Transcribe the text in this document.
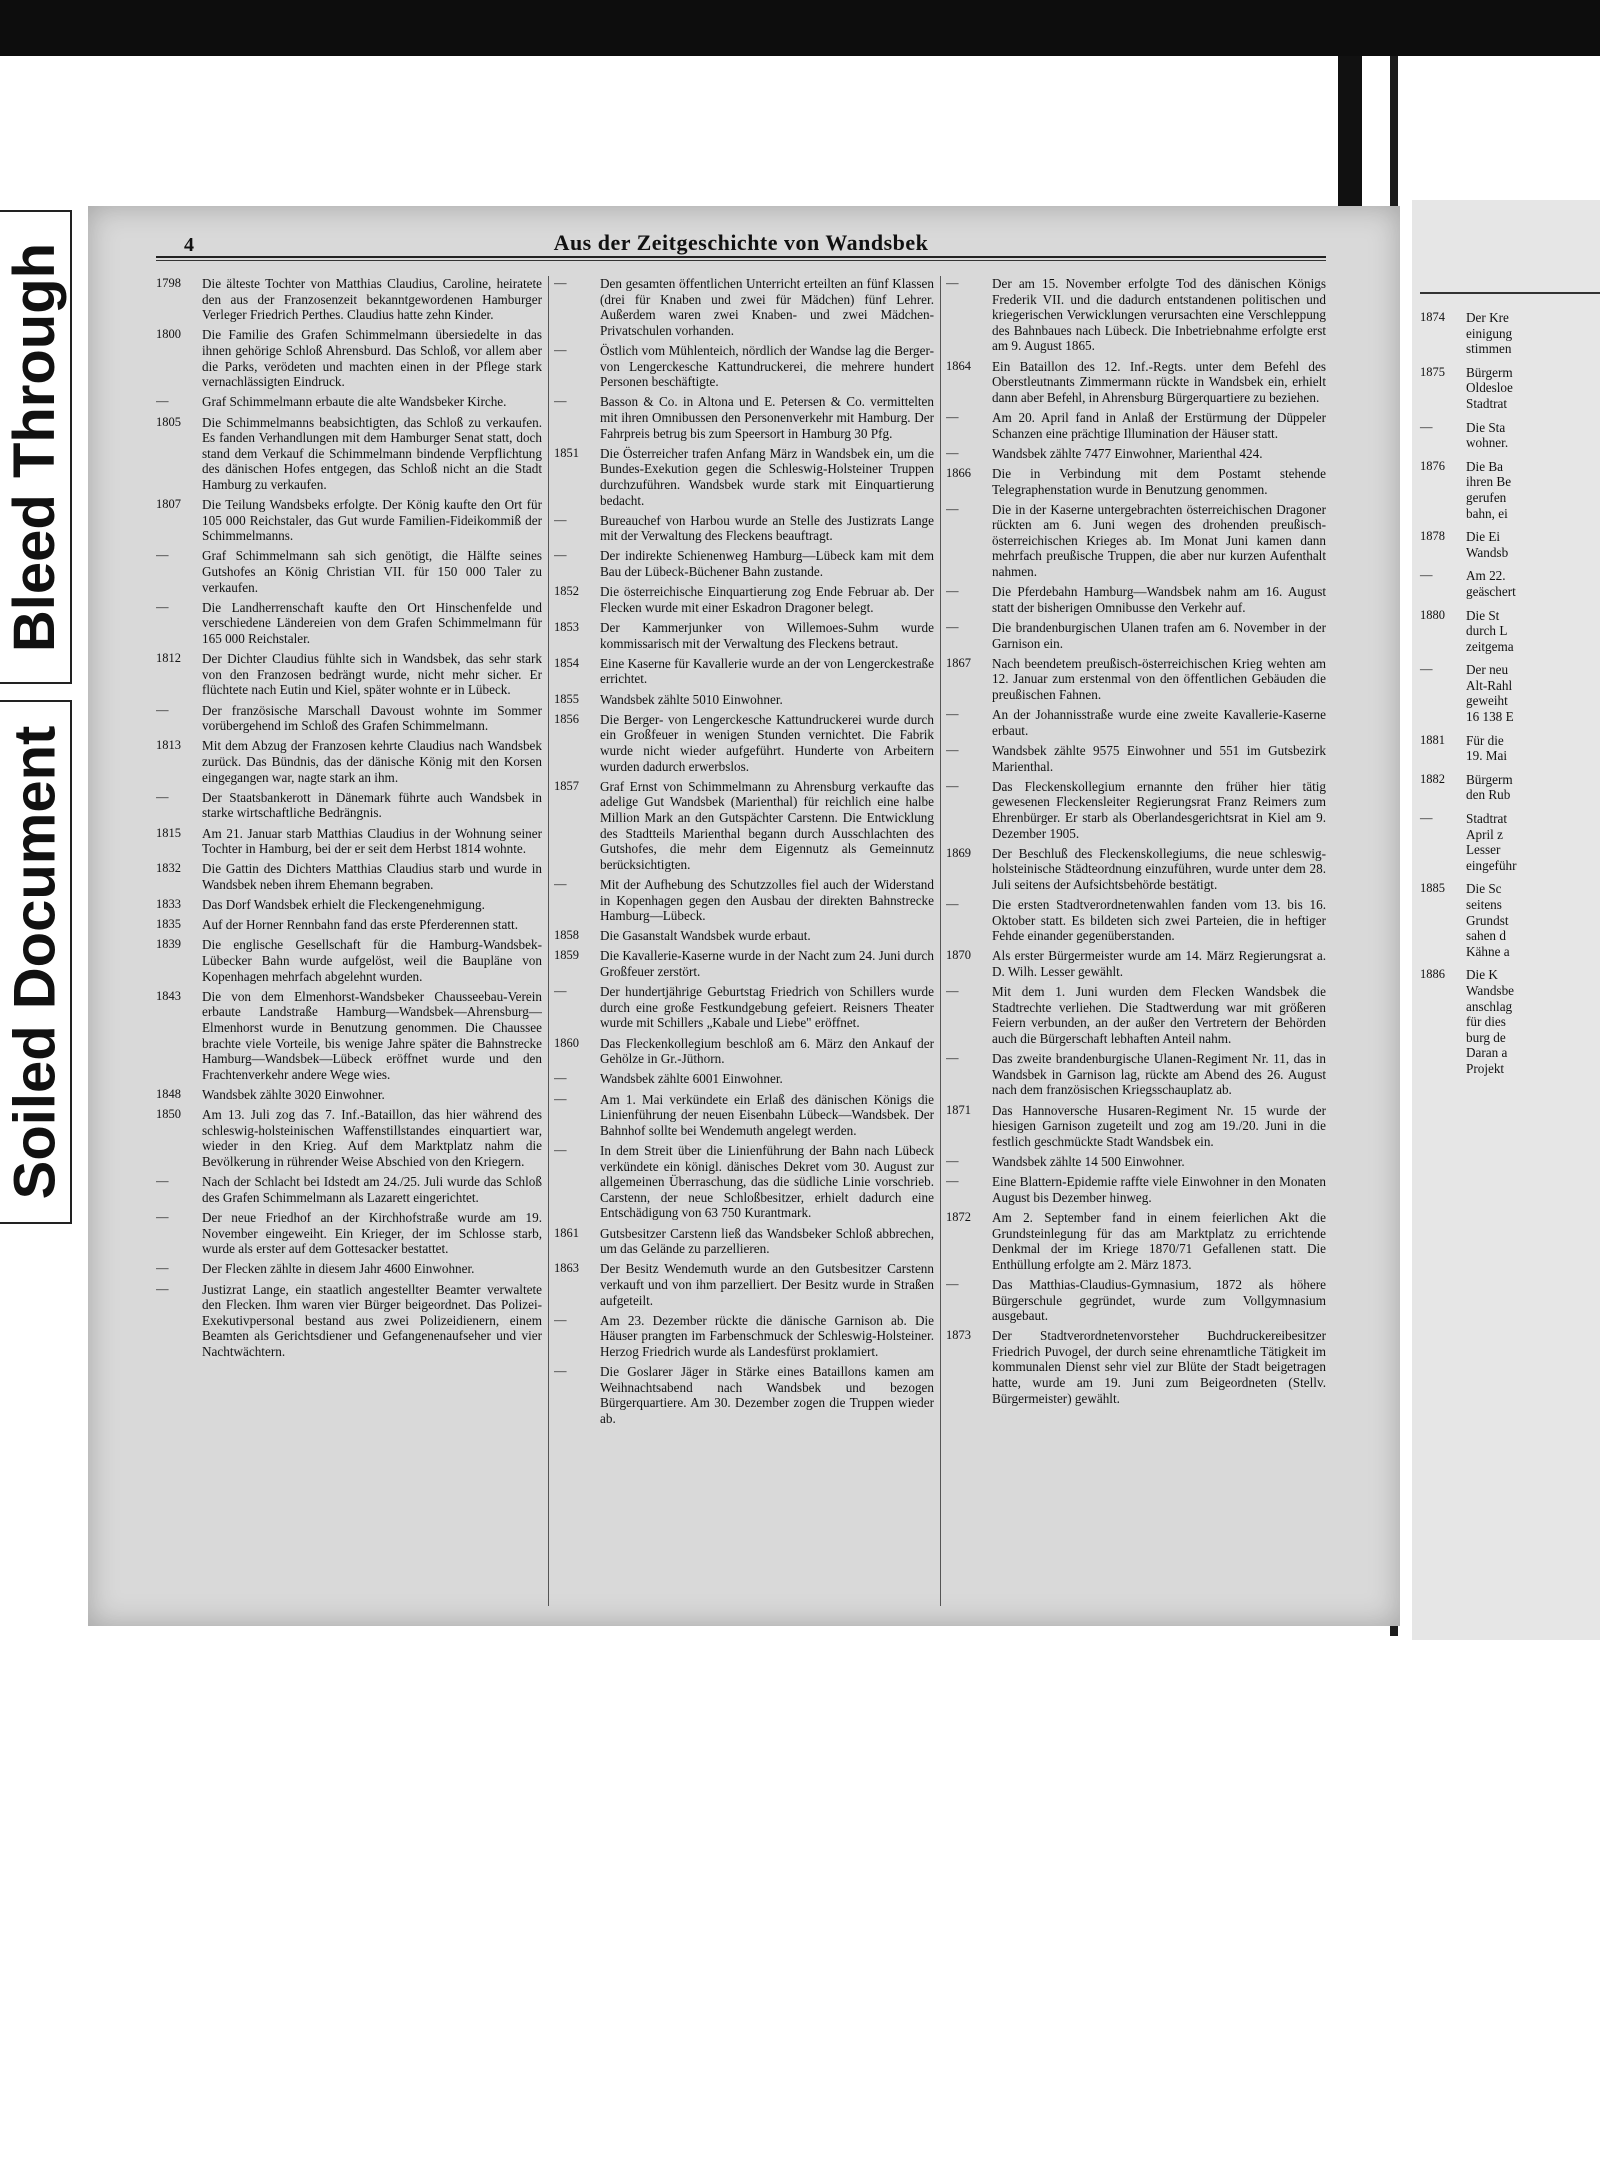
Bleed Through
Soiled Document
4	Aus der Zeitgeschichte von Wandsbek
1798	Die älteste Tochter von Matthias Claudius, Caroline, heiratete den aus der Franzosenzeit bekanntgewordenen Hamburger Verleger Friedrich Perthes. Claudius hatte zehn Kinder.
1800	Die Familie des Grafen Schimmelmann übersiedelte in das ihnen gehörige Schloß Ahrensburd. Das Schloß, vor allem aber die Parks, verödeten und machten einen in der Pflege stark vernachlässigten Eindruck.
—	Graf Schimmelmann erbaute die alte Wandsbeker Kirche.
1805	Die Schimmelmanns beabsichtigten, das Schloß zu verkaufen. Es fanden Verhandlungen mit dem Hamburger Senat statt, doch stand dem Verkauf die Schimmelmann bindende Verpflichtung des dänischen Hofes entgegen, das Schloß nicht an die Stadt Hamburg zu verkaufen.
1807	Die Teilung Wandsbeks erfolgte. Der König kaufte den Ort für 105 000 Reichstaler, das Gut wurde Familien-Fideikommiß der Schimmelmanns.
—	Graf Schimmelmann sah sich genötigt, die Hälfte seines Gutshofes an König Christian VII. für 150 000 Taler zu verkaufen.
—	Die Landherrenschaft kaufte den Ort Hinschenfelde und verschiedene Ländereien von dem Grafen Schimmelmann für 165 000 Reichstaler.
1812	Der Dichter Claudius fühlte sich in Wandsbek, das sehr stark von den Franzosen bedrängt wurde, nicht mehr sicher. Er flüchtete nach Eutin und Kiel, später wohnte er in Lübeck.
—	Der französische Marschall Davoust wohnte im Sommer vorübergehend im Schloß des Grafen Schimmelmann.
1813	Mit dem Abzug der Franzosen kehrte Claudius nach Wandsbek zurück. Das Bündnis, das der dänische König mit den Korsen eingegangen war, nagte stark an ihm.
—	Der Staatsbankerott in Dänemark führte auch Wandsbek in starke wirtschaftliche Bedrängnis.
1815	Am 21. Januar starb Matthias Claudius in der Wohnung seiner Tochter in Hamburg, bei der er seit dem Herbst 1814 wohnte.
1832	Die Gattin des Dichters Matthias Claudius starb und wurde in Wandsbek neben ihrem Ehemann begraben.
1833	Das Dorf Wandsbek erhielt die Fleckengenehmigung.
1835	Auf der Horner Rennbahn fand das erste Pferderennen statt.
1839	Die englische Gesellschaft für die Hamburg-Wandsbek-Lübecker Bahn wurde aufgelöst, weil die Baupläne von Kopenhagen mehrfach abgelehnt wurden.
1843	Die von dem Elmenhorst-Wandsbeker Chausseebau-Verein erbaute Landstraße Hamburg—Wandsbek—Ahrensburg—Elmenhorst wurde in Benutzung genommen. Die Chaussee brachte viele Vorteile, bis wenige Jahre später die Bahnstrecke Hamburg—Wandsbek—Lübeck eröffnet wurde und den Frachtenverkehr andere Wege wies.
1848	Wandsbek zählte 3020 Einwohner.
1850	Am 13. Juli zog das 7. Inf.-Bataillon, das hier während des schleswig-holsteinischen Waffenstillstandes einquartiert war, wieder in den Krieg. Auf dem Marktplatz nahm die Bevölkerung in rührender Weise Abschied von den Kriegern.
—	Nach der Schlacht bei Idstedt am 24./25. Juli wurde das Schloß des Grafen Schimmelmann als Lazarett eingerichtet.
—	Der neue Friedhof an der Kirchhofstraße wurde am 19. November eingeweiht. Ein Krieger, der im Schlosse starb, wurde als erster auf dem Gottesacker bestattet.
—	Der Flecken zählte in diesem Jahr 4600 Einwohner.
—	Justizrat Lange, ein staatlich angestellter Beamter verwaltete den Flecken. Ihm waren vier Bürger beigeordnet. Das Polizei-Exekutivpersonal bestand aus zwei Polizeidienern, einem Beamten als Gerichtsdiener und Gefangenenaufseher und vier Nachtwächtern.
—	Den gesamten öffentlichen Unterricht erteilten an fünf Klassen (drei für Knaben und zwei für Mädchen) fünf Lehrer. Außerdem waren zwei Knaben- und zwei Mädchen-Privatschulen vorhanden.
—	Östlich vom Mühlenteich, nördlich der Wandse lag die Berger- von Lengerckesche Kattundruckerei, die mehrere hundert Personen beschäftigte.
—	Basson & Co. in Altona und E. Petersen & Co. vermittelten mit ihren Omnibussen den Personenverkehr mit Hamburg. Der Fahrpreis betrug bis zum Speersort in Hamburg 30 Pfg.
1851	Die Österreicher trafen Anfang März in Wandsbek ein, um die Bundes-Exekution gegen die Schleswig-Holsteiner Truppen durchzuführen. Wandsbek wurde stark mit Einquartierung bedacht.
—	Bureauchef von Harbou wurde an Stelle des Justizrats Lange mit der Verwaltung des Fleckens beauftragt.
—	Der indirekte Schienenweg Hamburg—Lübeck kam mit dem Bau der Lübeck-Büchener Bahn zustande.
1852	Die österreichische Einquartierung zog Ende Februar ab. Der Flecken wurde mit einer Eskadron Dragoner belegt.
1853	Der Kammerjunker von Willemoes-Suhm wurde kommissarisch mit der Verwaltung des Fleckens betraut.
1854	Eine Kaserne für Kavallerie wurde an der von Lengerckestraße errichtet.
1855	Wandsbek zählte 5010 Einwohner.
1856	Die Berger- von Lengerckesche Kattundruckerei wurde durch ein Großfeuer in wenigen Stunden vernichtet. Die Fabrik wurde nicht wieder aufgeführt. Hunderte von Arbeitern wurden dadurch erwerbslos.
1857	Graf Ernst von Schimmelmann zu Ahrensburg verkaufte das adelige Gut Wandsbek (Marienthal) für reichlich eine halbe Million Mark an den Gutspächter Carstenn. Die Entwicklung des Stadtteils Marienthal begann durch Ausschlachten des Gutshofes, die mehr dem Eigennutz als Gemeinnutz berücksichtigten.
—	Mit der Aufhebung des Schutzzolles fiel auch der Widerstand in Kopenhagen gegen den Ausbau der direkten Bahnstrecke Hamburg—Lübeck.
1858	Die Gasanstalt Wandsbek wurde erbaut.
1859	Die Kavallerie-Kaserne wurde in der Nacht zum 24. Juni durch Großfeuer zerstört.
—	Der hundertjährige Geburtstag Friedrich von Schillers wurde durch eine große Festkundgebung gefeiert. Reisners Theater wurde mit Schillers „Kabale und Liebe" eröffnet.
1860	Das Fleckenkollegium beschloß am 6. März den Ankauf der Gehölze in Gr.-Jüthorn.
—	Wandsbek zählte 6001 Einwohner.
—	Am 1. Mai verkündete ein Erlaß des dänischen Königs die Linienführung der neuen Eisenbahn Lübeck—Wandsbek. Der Bahnhof sollte bei Wendemuth angelegt werden.
—	In dem Streit über die Linienführung der Bahn nach Lübeck verkündete ein königl. dänisches Dekret vom 30. August zur allgemeinen Überraschung, das die südliche Linie vorschrieb. Carstenn, der neue Schloßbesitzer, erhielt dadurch eine Entschädigung von 63 750 Kurantmark.
1861	Gutsbesitzer Carstenn ließ das Wandsbeker Schloß abbrechen, um das Gelände zu parzellieren.
1863	Der Besitz Wendemuth wurde an den Gutsbesitzer Carstenn verkauft und von ihm parzelliert. Der Besitz wurde in Straßen aufgeteilt.
—	Am 23. Dezember rückte die dänische Garnison ab. Die Häuser prangten im Farbenschmuck der Schleswig-Holsteiner. Herzog Friedrich wurde als Landesfürst proklamiert.
—	Die Goslarer Jäger in Stärke eines Bataillons kamen am Weihnachtsabend nach Wandsbek und bezogen Bürgerquartiere. Am 30. Dezember zogen die Truppen wieder ab.
—	Der am 15. November erfolgte Tod des dänischen Königs Frederik VII. und die dadurch entstandenen politischen und kriegerischen Verwicklungen verursachten eine Verschleppung des Bahnbaues nach Lübeck. Die Inbetriebnahme erfolgte erst am 9. August 1865.
1864	Ein Bataillon des 12. Inf.-Regts. unter dem Befehl des Oberstleutnants Zimmermann rückte in Wandsbek ein, erhielt dann aber Befehl, in Ahrensburg Bürgerquartiere zu beziehen.
—	Am 20. April fand in Anlaß der Erstürmung der Düppeler Schanzen eine prächtige Illumination der Häuser statt.
—	Wandsbek zählte 7477 Einwohner, Marienthal 424.
1866	Die in Verbindung mit dem Postamt stehende Telegraphenstation wurde in Benutzung genommen.
—	Die in der Kaserne untergebrachten österreichischen Dragoner rückten am 6. Juni wegen des drohenden preußisch-österreichischen Krieges ab. Im Monat Juni kamen dann mehrfach preußische Truppen, die aber nur kurzen Aufenthalt nahmen.
—	Die Pferdebahn Hamburg—Wandsbek nahm am 16. August statt der bisherigen Omnibusse den Verkehr auf.
—	Die brandenburgischen Ulanen trafen am 6. November in der Garnison ein.
1867	Nach beendetem preußisch-österreichischen Krieg wehten am 12. Januar zum erstenmal von den öffentlichen Gebäuden die preußischen Fahnen.
—	An der Johannisstraße wurde eine zweite Kavallerie-Kaserne erbaut.
—	Wandsbek zählte 9575 Einwohner und 551 im Gutsbezirk Marienthal.
—	Das Fleckenskollegium ernannte den früher hier tätig gewesenen Fleckensleiter Regierungsrat Franz Reimers zum Ehrenbürger. Er starb als Oberlandesgerichtsrat in Kiel am 9. Dezember 1905.
1869	Der Beschluß des Fleckenskollegiums, die neue schleswig-holsteinische Städteordnung einzuführen, wurde unter dem 28. Juli seitens der Aufsichtsbehörde bestätigt.
—	Die ersten Stadtverordnetenwahlen fanden vom 13. bis 16. Oktober statt. Es bildeten sich zwei Parteien, die in heftiger Fehde einander gegenüberstanden.
1870	Als erster Bürgermeister wurde am 14. März Regierungsrat a. D. Wilh. Lesser gewählt.
—	Mit dem 1. Juni wurden dem Flecken Wandsbek die Stadtrechte verliehen. Die Stadtwerdung war mit größeren Feiern verbunden, an der außer den Vertretern der Behörden auch die Bürgerschaft lebhaften Anteil nahm.
—	Das zweite brandenburgische Ulanen-Regiment Nr. 11, das in Wandsbek in Garnison lag, rückte am Abend des 26. August nach dem französischen Kriegsschauplatz ab.
1871	Das Hannoversche Husaren-Regiment Nr. 15 wurde der hiesigen Garnison zugeteilt und zog am 19./20. Juni in die festlich geschmückte Stadt Wandsbek ein.
—	Wandsbek zählte 14 500 Einwohner.
—	Eine Blattern-Epidemie raffte viele Einwohner in den Monaten August bis Dezember hinweg.
1872	Am 2. September fand in einem feierlichen Akt die Grundsteinlegung für das am Marktplatz zu errichtende Denkmal der im Kriege 1870/71 Gefallenen statt. Die Enthüllung erfolgte am 2. März 1873.
—	Das Matthias-Claudius-Gymnasium, 1872 als höhere Bürgerschule gegründet, wurde zum Vollgymnasium ausgebaut.
1873	Der Stadtverordnetenvorsteher Buchdruckereibesitzer Friedrich Puvogel, der durch seine ehrenamtliche Tätigkeit im kommunalen Dienst sehr viel zur Blüte der Stadt beigetragen hatte, wurde am 19. Juni zum Beigeordneten (Stellv. Bürgermeister) gewählt.
1874 Der Kre
einigung
stimmen
1875 Bürgerm
Oldesloe
Stadtrat
—	Die Sta
wohner.
1876 Die Ba
ihren Be
gerufen
bahn, ei
1878 Die Ei
Wandsb
—	Am 22.
geäschert
1880 Die St
durch L
zeitgema
—	Der neu
Alt-Rahl
geweiht
16 138 E
1881 Für die
19. Mai
1882 Bürgerm
den Rub
—	Stadtrat
April z
Lesser
eingeführ
1885 Die Sc
seitens
Grundst
sahen d
Kähne a
1886 Die K
Wandsbe
anschlag
für dies
burg de
Daran a
Projekt
